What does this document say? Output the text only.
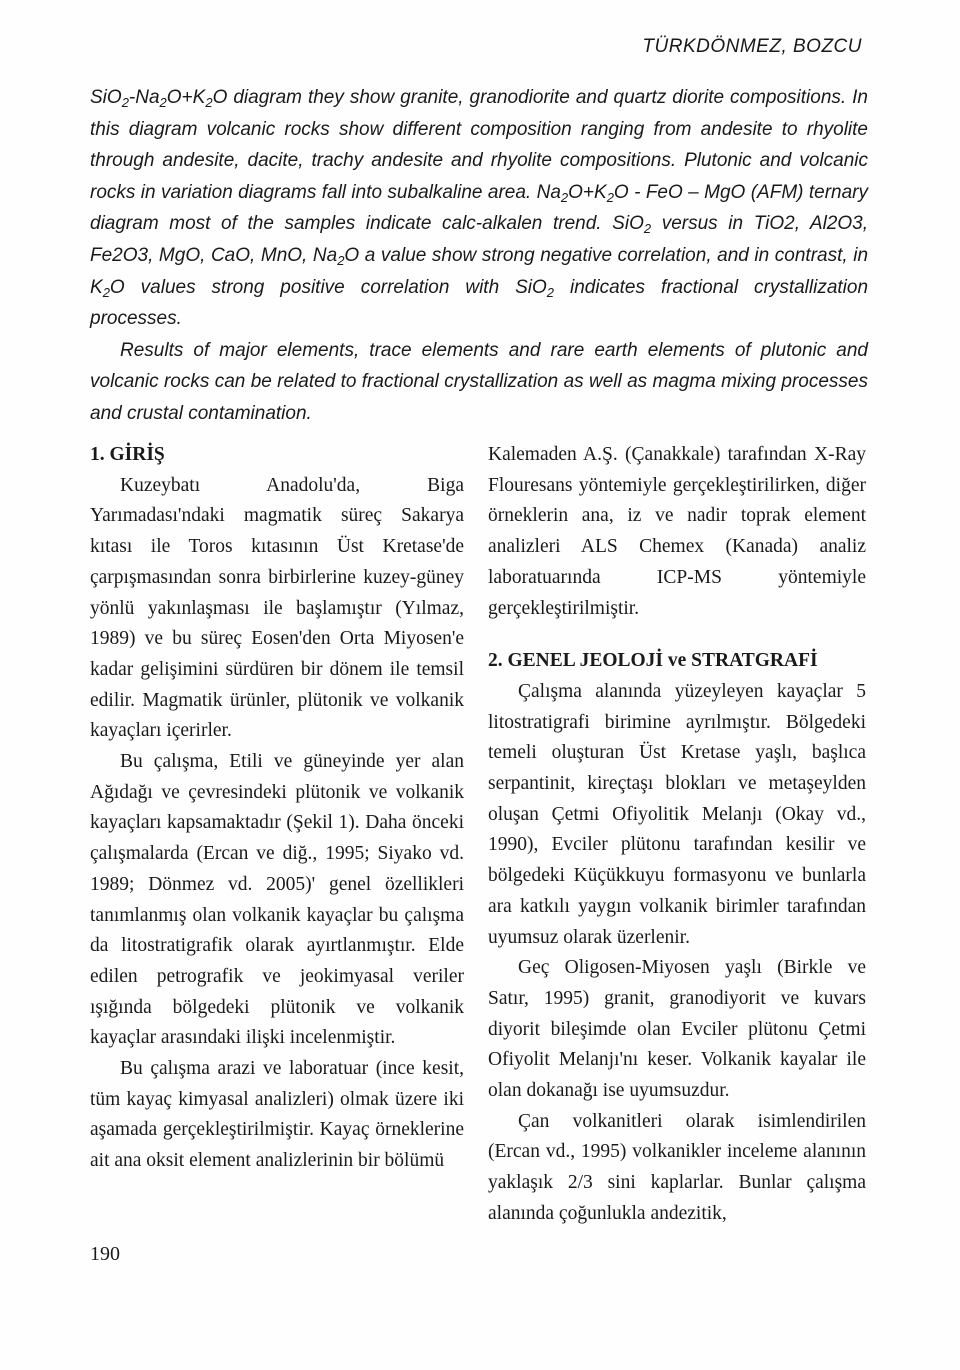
TÜRKDÖNMEZ, BOZCU

$SiO_2-Na_2O+K_2O$ diagram they show granite, granodiorite and quartz diorite compositions. In this diagram volcanic rocks show different composition ranging from andesite to rhyolite through andesite, dacite, trachy andesite and rhyolite compositions. Plutonic and volcanic rocks in variation diagrams fall into subalkaline area. $Na_2O+K_2O$ - FeO – MgO (AFM) ternary diagram most of the samples indicate calc-alkalen trend. SiO$_2$ versus in TiO2, Al2O3, Fe2O3, MgO, CaO, MnO, $Na_2O$ a value show strong negative correlation, and in contrast, in $K_2O$ values strong positive correlation with SiO$_2$ indicates fractional crystallization processes.

Results of major elements, trace elements and rare earth elements of plutonic and volcanic rocks can be related to fractional crystallization as well as magma mixing processes and crustal contamination.

1. GİRİŞ

Kuzeybatı Anadolu'da, Biga Yarımadası'ndaki magmatik süreç Sakarya kıtası ile Toros kıtasının Üst Kretase'de çarpışmasından sonra birbirlerine kuzey-güney yönlü yakınlaşması ile başlamıştır (Yılmaz, 1989) ve bu süreç Eosen'den Orta Miyosen'e kadar gelişimini sürdüren bir dönem ile temsil edilir. Magmatik ürünler, plütonik ve volkanik kayaçları içerirler.

Bu çalışma, Etili ve güneyinde yer alan Ağıdağı ve çevresindeki plütonik ve volkanik kayaçları kapsamaktadır (Şekil 1). Daha önceki çalışmalarda (Ercan ve diğ., 1995; Siyako vd. 1989; Dönmez vd. 2005)' genel özellikleri tanımlanmış olan volkanik kayaçlar bu çalışma da litostratigrafik olarak ayırtlanmıştır. Elde edilen petrografik ve jeokimyasal veriler ışığında bölgedeki plütonik ve volkanik kayaçlar arasındaki ilişki incelenmiştir.

Bu çalışma arazi ve laboratuar (ince kesit, tüm kayaç kimyasal analizleri) olmak üzere iki aşamada gerçekleştirilmiştir. Kayaç örneklerine ait ana oksit element analizlerinin bir bölümü

Kalemaden A.Ş. (Çanakkale) tarafından X-Ray Flouresans yöntemiyle gerçekleştirilirken, diğer örneklerin ana, iz ve nadir toprak element analizleri ALS Chemex (Kanada) analiz laboratuarında ICP-MS yöntemiyle gerçekleştirilmiştir.

2. GENEL JEOLOJİ ve STRATGRAFİ

Çalışma alanında yüzeyleyen kayaçlar 5 litostratigrafi birimine ayrılmıştır. Bölgedeki temeli oluşturan Üst Kretase yaşlı, başlıca serpantinit, kireçtaşı blokları ve metaşeylden oluşan Çetmi Ofiyolitik Melanjı (Okay vd., 1990), Evciler plütonu tarafından kesilir ve bölgedeki Küçükkuyu formasyonu ve bunlarla ara katkılı yaygın volkanik birimler tarafından uyumsuz olarak üzerlenir.

Geç Oligosen-Miyosen yaşlı (Birkle ve Satır, 1995) granit, granodiyorit ve kuvars diyorit bileşimde olan Evciler plütonu Çetmi Ofiyolit Melanjı'nı keser. Volkanik kayalar ile olan dokanağı ise uyumsuzdur.

Çan volkanitleri olarak isimlendirilen (Ercan vd., 1995) volkanikler inceleme alanının yaklaşık 2/3 sini kaplarlar. Bunlar çalışma alanında çoğunlukla andezitik,

190
